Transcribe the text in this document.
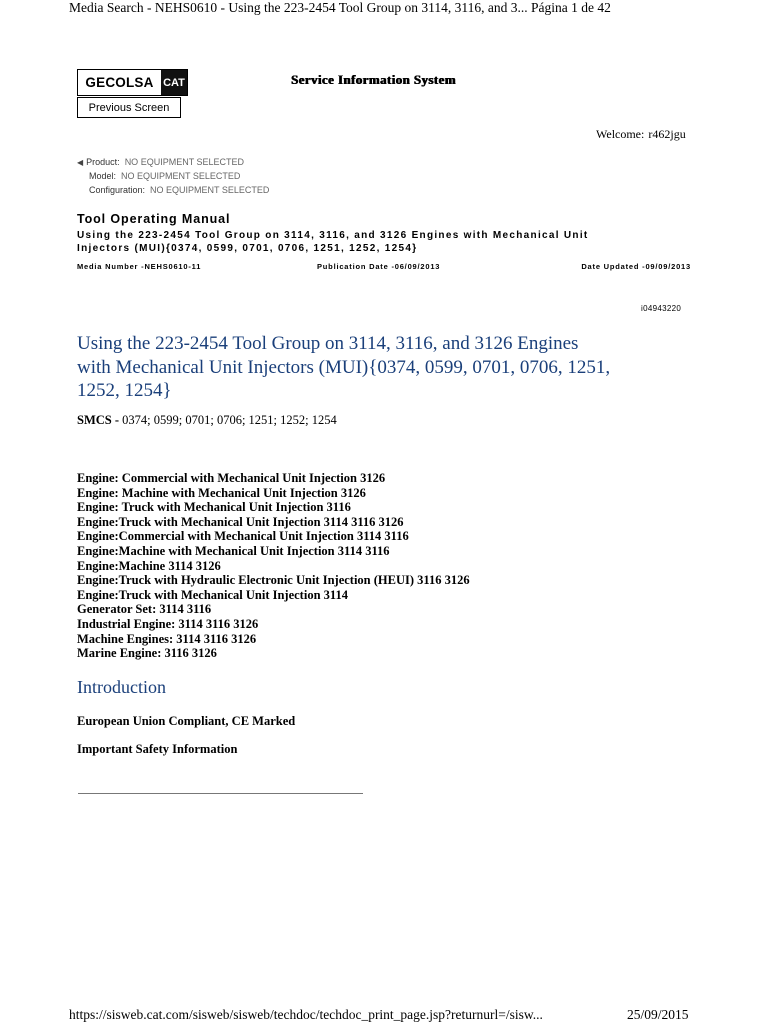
Media Search - NEHS0610 - Using the 223-2454 Tool Group on 3114, 3116, and 3... Página 1 de 42
GECOLSA CAT
Previous Screen
Service Information System
Welcome: r462jgu
◀ Product: NO EQUIPMENT SELECTED
Model: NO EQUIPMENT SELECTED
Configuration: NO EQUIPMENT SELECTED
Tool Operating Manual
Using the 223-2454 Tool Group on 3114, 3116, and 3126 Engines with Mechanical Unit
Injectors (MUI){0374, 0599, 0701, 0706, 1251, 1252, 1254}
Media Number -NEHS0610-11	Publication Date -06/09/2013	Date Updated -09/09/2013
i04943220
Using the 223-2454 Tool Group on 3114, 3116, and 3126 Engines
with Mechanical Unit Injectors (MUI){0374, 0599, 0701, 0706, 1251,
1252, 1254}
SMCS - 0374; 0599; 0701; 0706; 1251; 1252; 1254
Engine: Commercial with Mechanical Unit Injection 3126
Engine: Machine with Mechanical Unit Injection 3126
Engine: Truck with Mechanical Unit Injection 3116
Engine:Truck with Mechanical Unit Injection 3114 3116 3126
Engine:Commercial with Mechanical Unit Injection 3114 3116
Engine:Machine with Mechanical Unit Injection 3114 3116
Engine:Machine 3114 3126
Engine:Truck with Hydraulic Electronic Unit Injection (HEUI) 3116 3126
Engine:Truck with Mechanical Unit Injection 3114
Generator Set: 3114 3116
Industrial Engine: 3114 3116 3126
Machine Engines: 3114 3116 3126
Marine Engine: 3116 3126
Introduction
European Union Compliant, CE Marked
Important Safety Information
https://sisweb.cat.com/sisweb/sisweb/techdoc/techdoc_print_page.jsp?returnurl=/sisw...	25/09/2015
